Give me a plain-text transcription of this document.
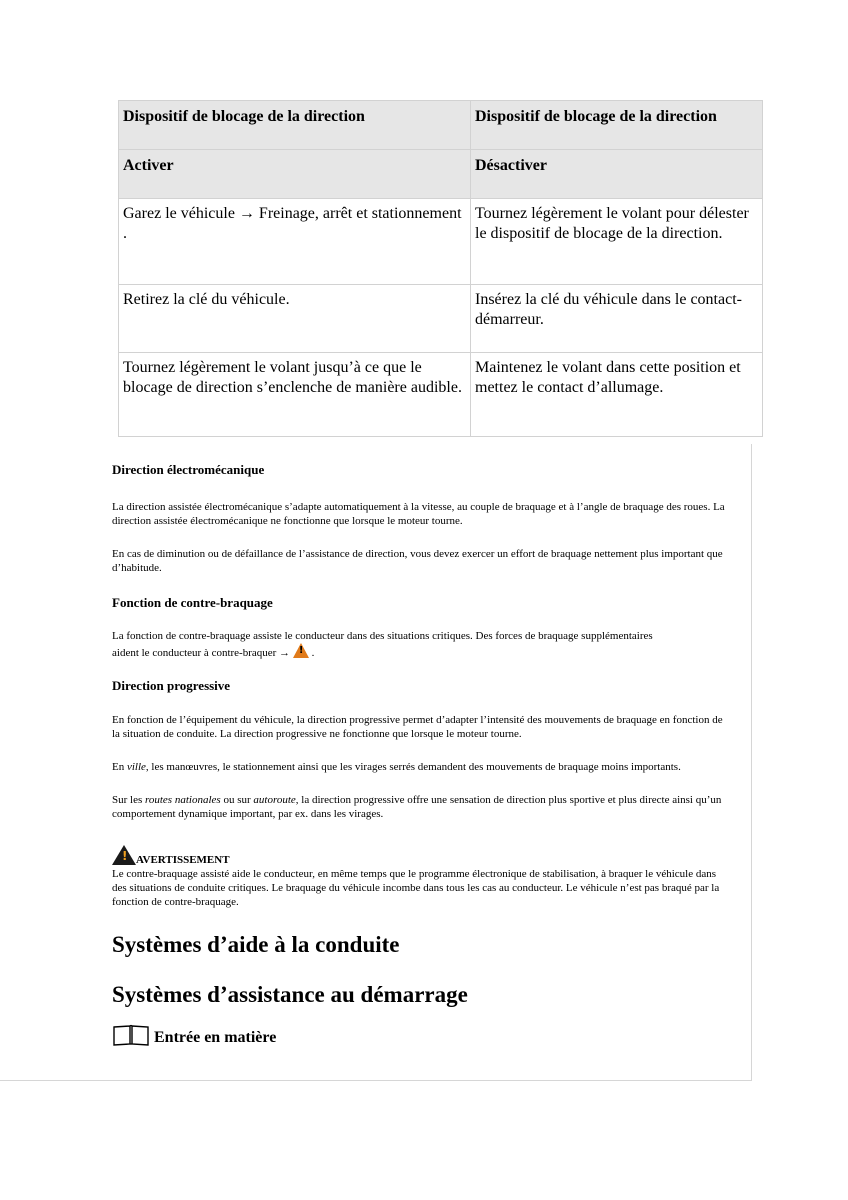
Dispositif de blocage de la direction	Dispositif de blocage de la direction
Activer	Désactiver
Garez le véhicule → Freinage, arrêt et stationnement .	Tournez légèrement le volant pour délester le dispositif de blocage de la direction.
Retirez la clé du véhicule.	Insérez la clé du véhicule dans le contact-démarreur.
Tournez légèrement le volant jusqu’à ce que le blocage de direction s’enclenche de manière audible.	Maintenez le volant dans cette position et mettez le contact d’allumage.

Direction électromécanique

La direction assistée électromécanique s’adapte automatiquement à la vitesse, au couple de braquage et à l’angle de braquage des roues. La direction assistée électromécanique ne fonctionne que lorsque le moteur tourne.

En cas de diminution ou de défaillance de l’assistance de direction, vous devez exercer un effort de braquage nettement plus important que d’habitude.

Fonction de contre-braquage

La fonction de contre-braquage assiste le conducteur dans des situations critiques. Des forces de braquage supplémentaires
aident le conducteur à contre-braquer → ! .

Direction progressive

En fonction de l’équipement du véhicule, la direction progressive permet d’adapter l’intensité des mouvements de braquage en fonction de la situation de conduite. La direction progressive ne fonctionne que lorsque le moteur tourne.

En ville, les manœuvres, le stationnement ainsi que les virages serrés demandent des mouvements de braquage moins importants.

Sur les routes nationales ou sur autoroute, la direction progressive offre une sensation de direction plus sportive et plus directe ainsi qu’un comportement dynamique important, par ex. dans les virages.

! AVERTISSEMENT

Le contre-braquage assisté aide le conducteur, en même temps que le programme électronique de stabilisation, à braquer le véhicule dans des situations de conduite critiques. Le braquage du véhicule incombe dans tous les cas au conducteur. Le véhicule n’est pas braqué par la fonction de contre-braquage.

Systèmes d’aide à la conduite

Systèmes d’assistance au démarrage

Entrée en matière
